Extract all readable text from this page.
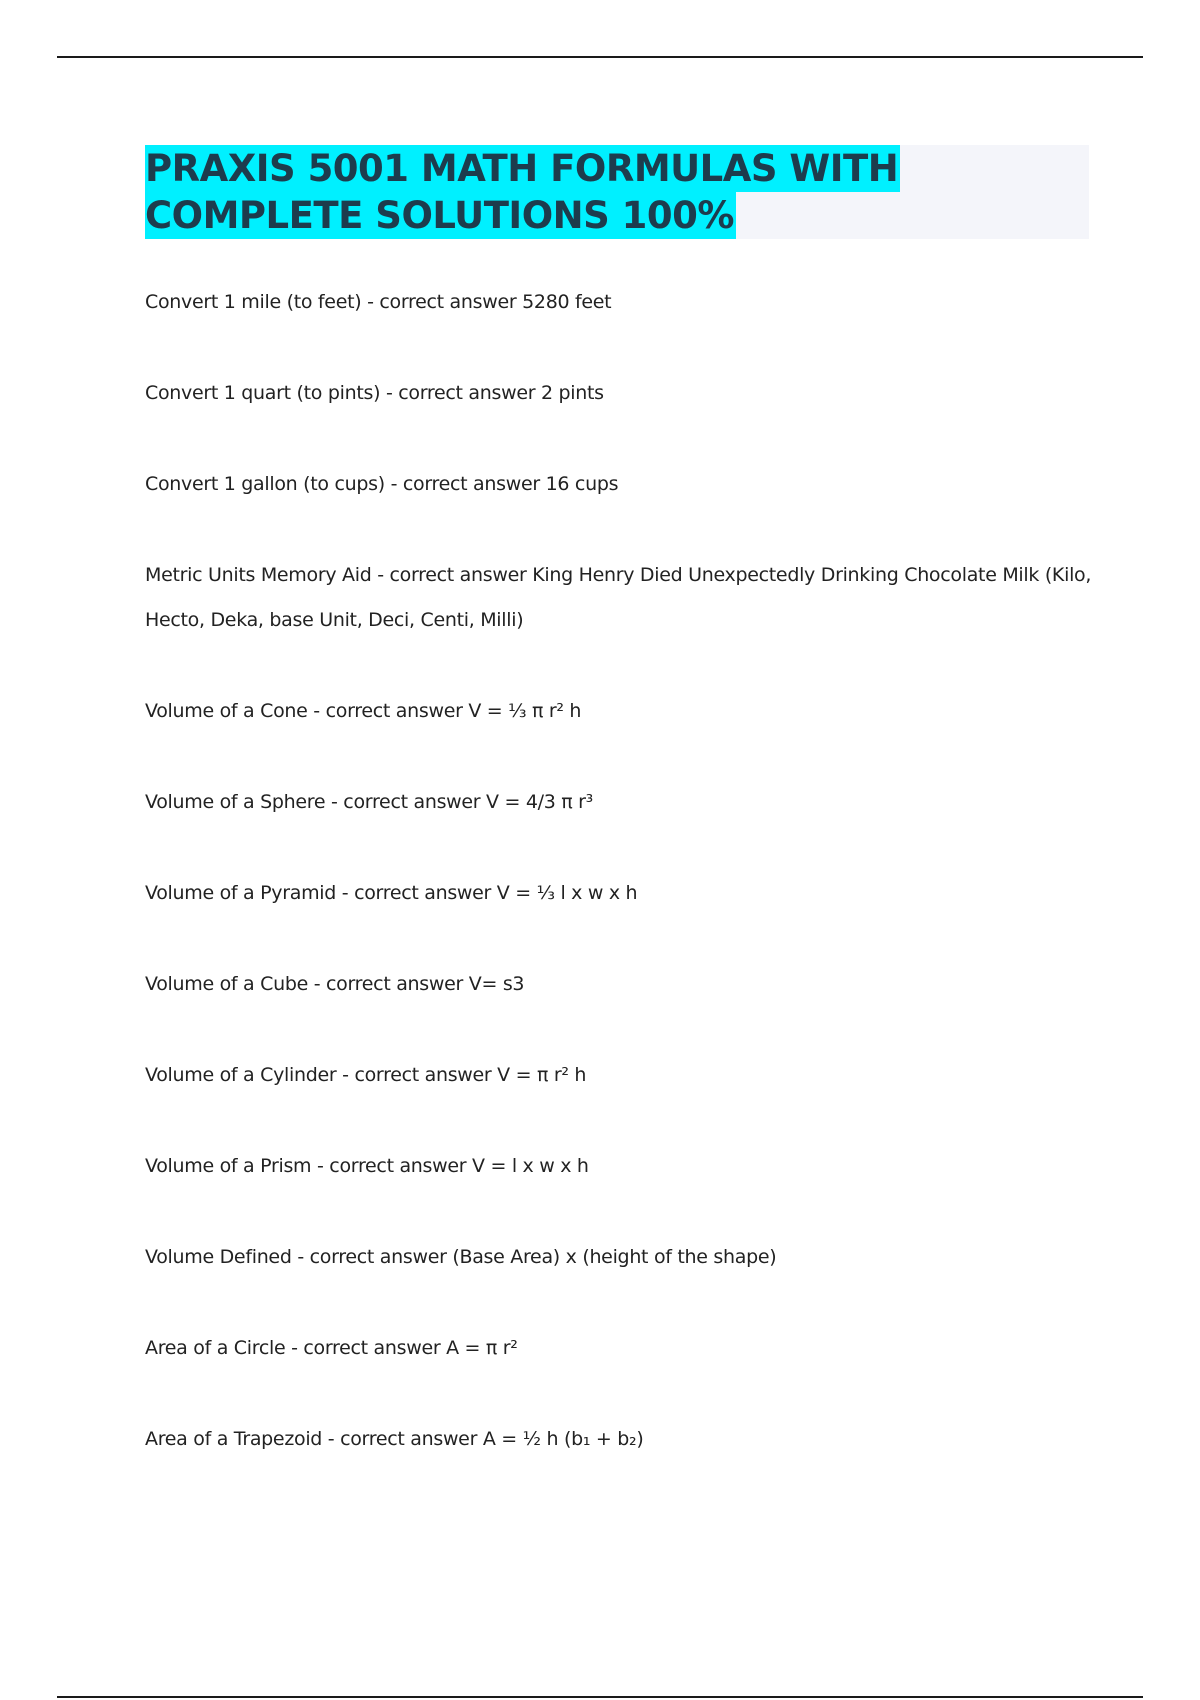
PRAXIS 5001 MATH FORMULAS WITH
COMPLETE SOLUTIONS 100%
Convert 1 mile (to feet) - correct answer 5280 feet
Convert 1 quart (to pints) - correct answer 2 pints
Convert 1 gallon (to cups) - correct answer 16 cups
Metric Units Memory Aid - correct answer King Henry Died Unexpectedly Drinking Chocolate Milk (Kilo, Hecto, Deka, base Unit, Deci, Centi, Milli)
Volume of a Cone - correct answer V = ⅓ π r² h
Volume of a Sphere - correct answer V = 4/3 π r³
Volume of a Pyramid - correct answer V = ⅓ l x w x h
Volume of a Cube - correct answer V= s3
Volume of a Cylinder - correct answer V = π r² h
Volume of a Prism - correct answer V = l x w x h
Volume Defined - correct answer (Base Area) x (height of the shape)
Area of a Circle - correct answer A = π r²
Area of a Trapezoid - correct answer A = ½ h (b₁ + b₂)
